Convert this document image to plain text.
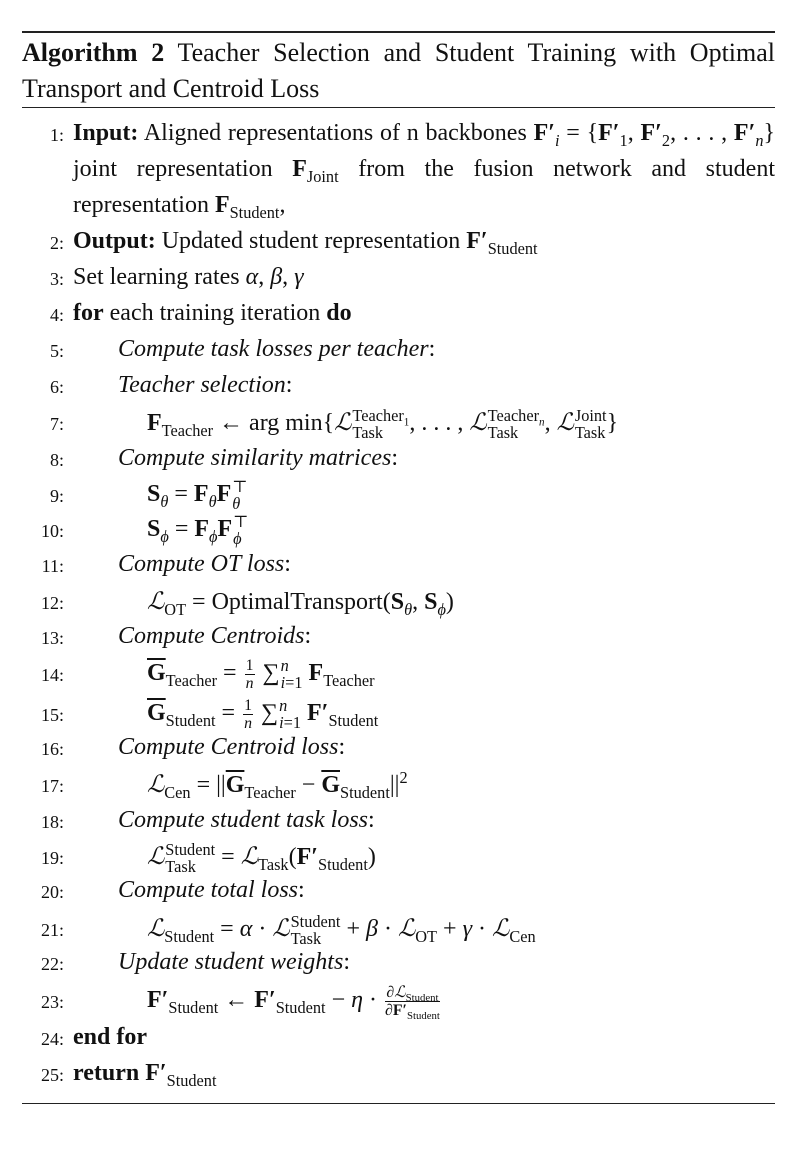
Algorithm 2 Teacher Selection and Student Training with Optimal Transport and Centroid Loss
1: Input: Aligned representations of n backbones $F'_i = \{F'_1$, $F'_2$, . . . , $F'_n$} joint representation $F_{Joint}$ from the fusion network and student representation $F_{Student}$,
2: Output: Updated student representation $F'_{Student}$
3: Set learning rates α, β, γ
4: for each training iteration do
5: Compute task losses per teacher:
6: Teacher selection:
7:	$F_{Teacher}$ ← arg min{ℒ Teacher$_1$
Task	, . . . , ℒ Teacher$_n$
Task	, ℒ Joint
Task }
8: Compute similarity matrices:
9:	$S_\theta = F_\theta F$ ⊤
θ
10:	$S_\phi = F_\phi F$ ⊤
ϕ
11: Compute OT loss:
12:	ℒ$_{OT}$ = $OptimalTransport(S_\theta$, $S_\phi$)
13: Compute Centroids:
14:	$\overline{G}_{Teacher} = \frac{1}{n}$ ∑ n
i=1 $F_{Teacher}$
15:	$\overline{G}_{Student} = \frac{1}{n}$ ∑ n
i=1 $F'_{Student}$
16: Compute Centroid loss:
17:	ℒ$_{Cen}$ = $||\overline{G}_{Teacher} - \overline{G}_{Student}||^2$
18: Compute student task loss:
19:	ℒ Student
Task = $ℒ_{Task}(F'_{Student})$
20: Compute total loss:
21:	ℒ$_{Student}$ = α · ℒ Student
Task + β · ℒ$_{OT}$ + γ · ℒ$_{Cen}$
22: Update student weights:
23:	$F'_{Student}$ ← $F'_{Student} - \eta \cdot \frac{\partial ℒ_{Student}}{\partial F'_{Student}}$
24: end for
25: return $F'_{Student}$
